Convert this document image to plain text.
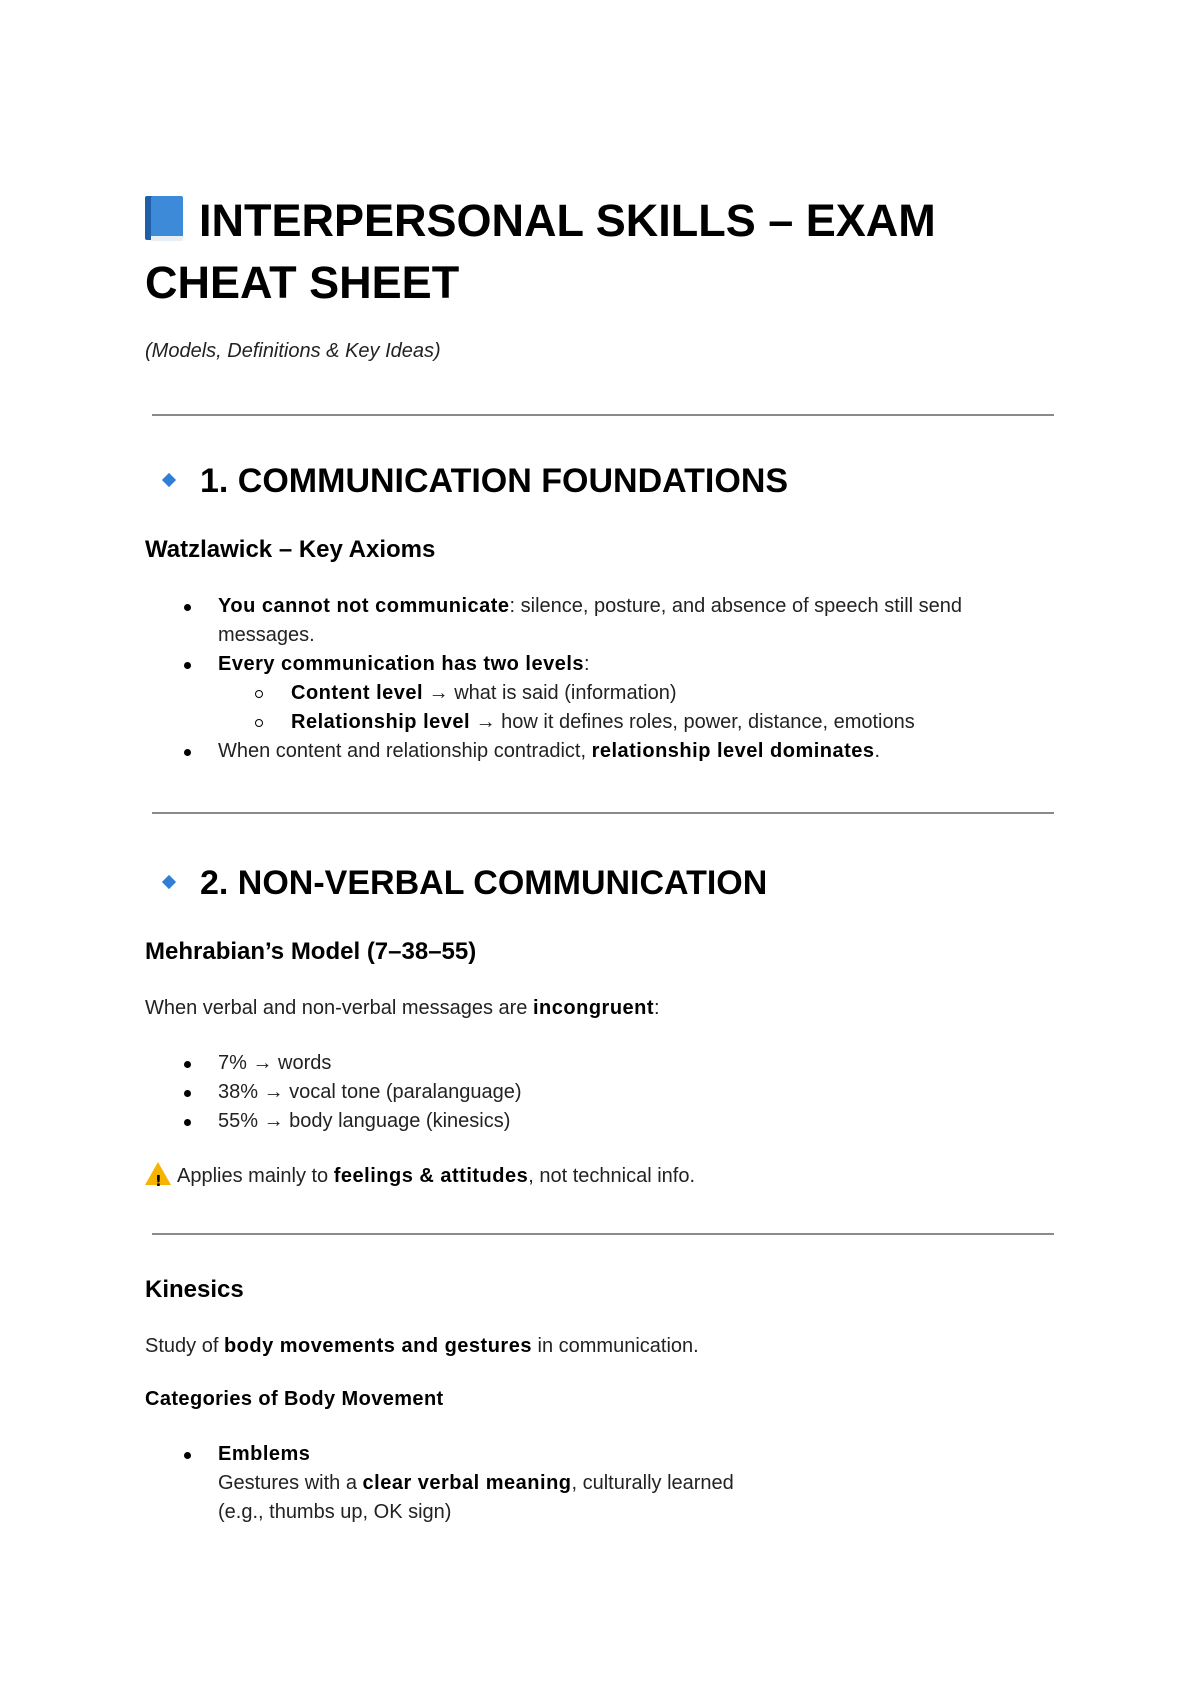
INTERPERSONAL SKILLS – EXAM CHEAT SHEET
(Models, Definitions & Key Ideas)
1. COMMUNICATION FOUNDATIONS
Watzlawick – Key Axioms
You cannot not communicate: silence, posture, and absence of speech still send
messages.
Every communication has two levels:
Content level → what is said (information)
Relationship level → how it defines roles, power, distance, emotions
When content and relationship contradict, relationship level dominates.
2. NON-VERBAL COMMUNICATION
Mehrabian’s Model (7–38–55)
When verbal and non-verbal messages are incongruent:
7% → words
38% → vocal tone (paralanguage)
55% → body language (kinesics)
!Applies mainly to feelings & attitudes, not technical info.
Kinesics
Study of body movements and gestures in communication.
Categories of Body Movement
Emblems
Gestures with a clear verbal meaning, culturally learned
(e.g., thumbs up, OK sign)
